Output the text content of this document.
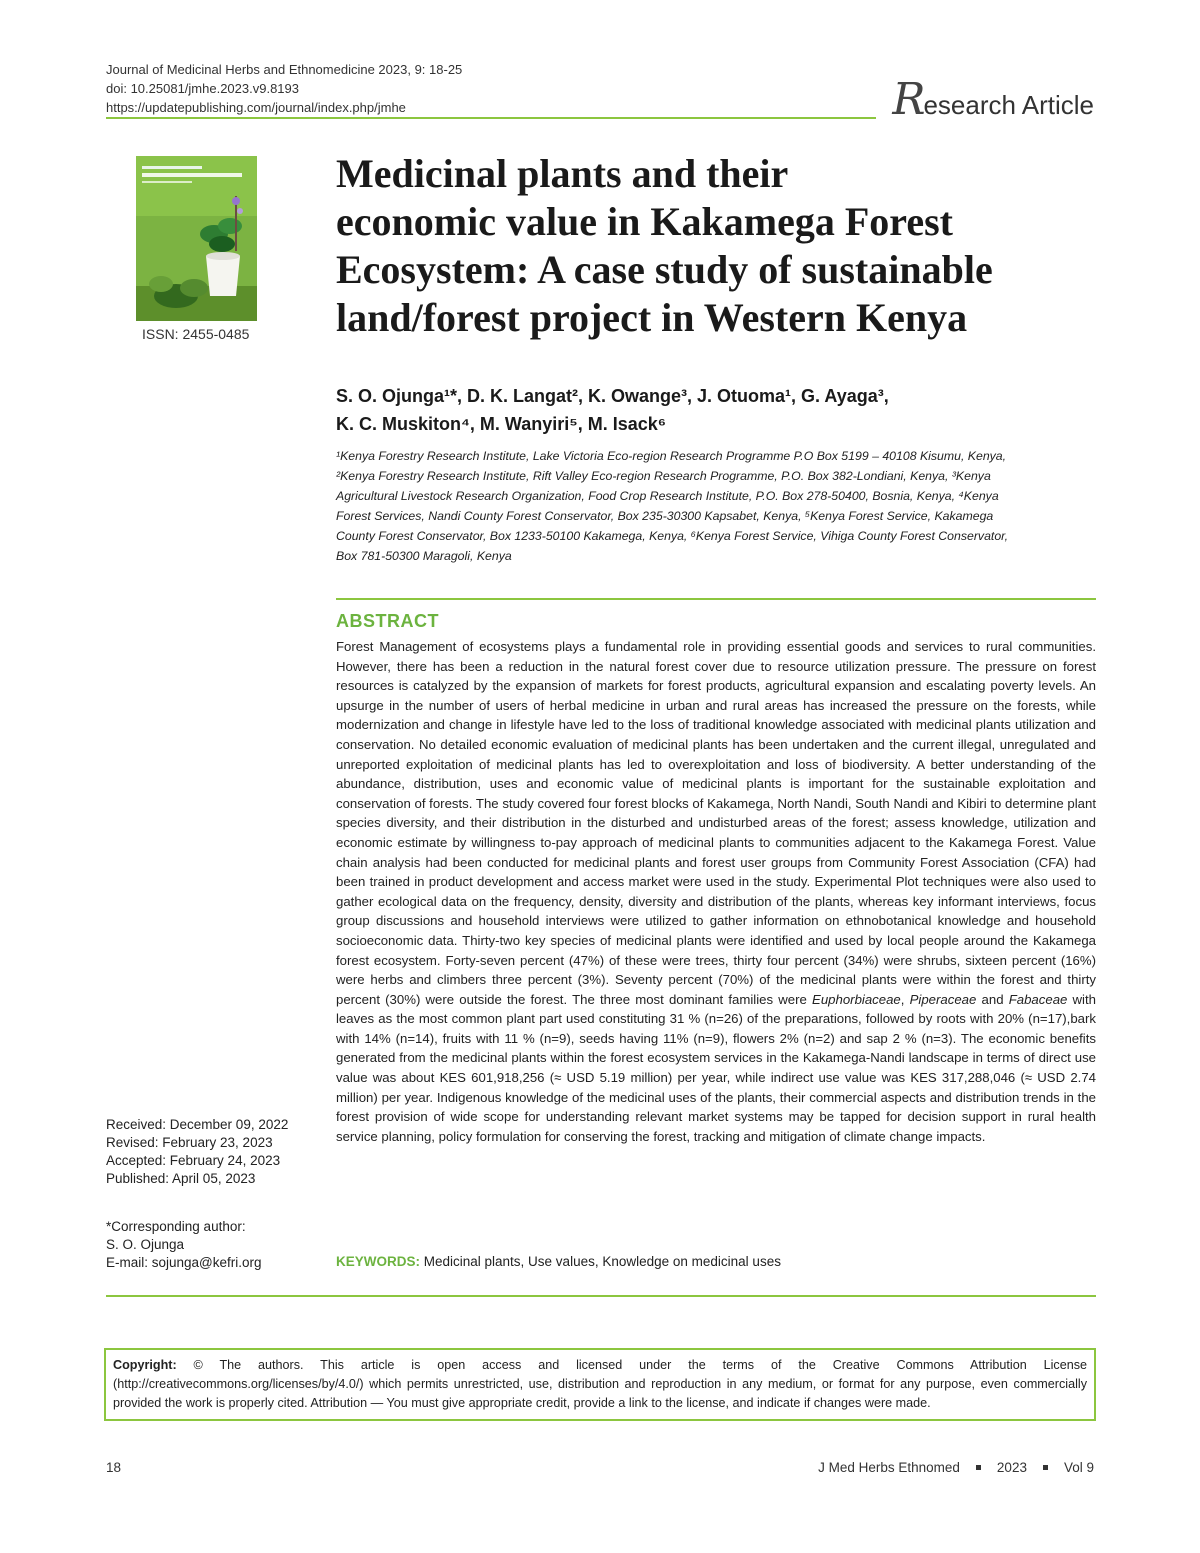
Journal of Medicinal Herbs and Ethnomedicine 2023, 9: 18-25
doi: 10.25081/jmhe.2023.v9.8193
https://updatepublishing.com/journal/index.php/jmhe	Research Article
ISSN: 2455-0485
Medicinal plants and their
economic value in Kakamega Forest
Ecosystem: A case study of sustainable
land/forest project in Western Kenya
S. O. Ojunga¹*, D. K. Langat², K. Owange³, J. Otuoma¹, G. Ayaga³,
K. C. Muskiton⁴, M. Wanyiri⁵, M. Isack⁶
¹Kenya Forestry Research Institute, Lake Victoria Eco-region Research Programme P.O Box 5199 – 40108 Kisumu, Kenya,
²Kenya Forestry Research Institute, Rift Valley Eco-region Research Programme, P.O. Box 382-Londiani, Kenya, ³Kenya
Agricultural Livestock Research Organization, Food Crop Research Institute, P.O. Box 278-50400, Bosnia, Kenya, ⁴Kenya
Forest Services, Nandi County Forest Conservator, Box 235-30300 Kapsabet, Kenya, ⁵Kenya Forest Service, Kakamega
County Forest Conservator, Box 1233-50100 Kakamega, Kenya, ⁶Kenya Forest Service, Vihiga County Forest Conservator,
Box 781-50300 Maragoli, Kenya
ABSTRACT
Forest Management of ecosystems plays a fundamental role in providing essential goods and services to rural communities. However, there has been a reduction in the natural forest cover due to resource utilization pressure. The pressure on forest resources is catalyzed by the expansion of markets for forest products, agricultural expansion and escalating poverty levels. An upsurge in the number of users of herbal medicine in urban and rural areas has increased the pressure on the forests, while modernization and change in lifestyle have led to the loss of traditional knowledge associated with medicinal plants utilization and conservation. No detailed economic evaluation of medicinal plants has been undertaken and the current illegal, unregulated and unreported exploitation of medicinal plants has led to overexploitation and loss of biodiversity. A better understanding of the abundance, distribution, uses and economic value of medicinal plants is important for the sustainable exploitation and conservation of forests. The study covered four forest blocks of Kakamega, North Nandi, South Nandi and Kibiri to determine plant species diversity, and their distribution in the disturbed and undisturbed areas of the forest; assess knowledge, utilization and economic estimate by willingness to-pay approach of medicinal plants to communities adjacent to the Kakamega Forest. Value chain analysis had been conducted for medicinal plants and forest user groups from Community Forest Association (CFA) had been trained in product development and access market were used in the study. Experimental Plot techniques were also used to gather ecological data on the frequency, density, diversity and distribution of the plants, whereas key informant interviews, focus group discussions and household interviews were utilized to gather information on ethnobotanical knowledge and household socioeconomic data. Thirty-two key species of medicinal plants were identified and used by local people around the Kakamega forest ecosystem. Forty-seven percent (47%) of these were trees, thirty four percent (34%) were shrubs, sixteen percent (16%) were herbs and climbers three percent (3%). Seventy percent (70%) of the medicinal plants were within the forest and thirty percent (30%) were outside the forest. The three most dominant families were Euphorbiaceae, Piperaceae and Fabaceae with leaves as the most common plant part used constituting 31 % (n=26) of the preparations, followed by roots with 20% (n=17),bark with 14% (n=14), fruits with 11 % (n=9), seeds having 11% (n=9), flowers 2% (n=2) and sap 2 % (n=3). The economic benefits generated from the medicinal plants within the forest ecosystem services in the Kakamega-Nandi landscape in terms of direct use value was about KES 601,918,256 (≈ USD 5.19 million) per year, while indirect use value was KES 317,288,046 (≈ USD 2.74 million) per year. Indigenous knowledge of the medicinal uses of the plants, their commercial aspects and distribution trends in the forest provision of wide scope for understanding relevant market systems may be tapped for decision support in rural health service planning, policy formulation for conserving the forest, tracking and mitigation of climate change impacts.
Received: December 09, 2022
Revised: February 23, 2023
Accepted: February 24, 2023
Published: April 05, 2023
*Corresponding author:
S. O. Ojunga
E-mail: sojunga@kefri.org	KEYWORDS: Medicinal plants, Use values, Knowledge on medicinal uses
Copyright: © The authors. This article is open access and licensed under the terms of the Creative Commons Attribution License (http://creativecommons.org/licenses/by/4.0/) which permits unrestricted, use, distribution and reproduction in any medium, or format for any purpose, even commercially provided the work is properly cited. Attribution — You must give appropriate credit, provide a link to the license, and indicate if changes were made.
18	J Med Herbs Ethnomed	2023	Vol 9
